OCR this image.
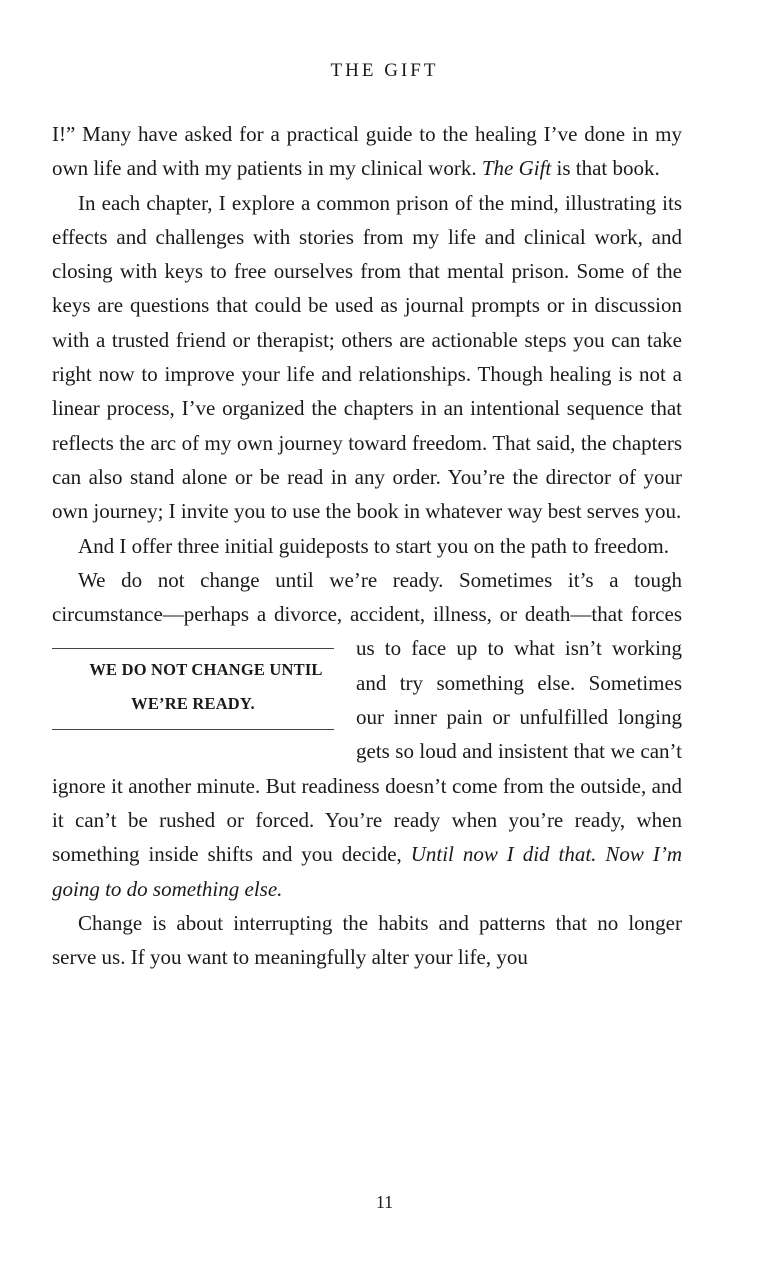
THE GIFT

I!” Many have asked for a practical guide to the healing I’ve done in my own life and with my patients in my clinical work. The Gift is that book.

In each chapter, I explore a common prison of the mind, illustrating its effects and challenges with stories from my life and clinical work, and closing with keys to free ourselves from that mental prison. Some of the keys are questions that could be used as journal prompts or in discussion with a trusted friend or therapist; others are actionable steps you can take right now to improve your life and relationships. Though healing is not a linear process, I’ve organized the chapters in an intentional sequence that reflects the arc of my own journey toward freedom. That said, the chapters can also stand alone or be read in any order. You’re the director of your own journey; I invite you to use the book in whatever way best serves you.

And I offer three initial guideposts to start you on the path to freedom.

We do not change until we’re ready. Sometimes it’s a tough circumstance—perhaps a divorce, accident, illness, or death—
WE DO NOT CHANGE UNTIL
WE’RE READY.
that forces us to face up to what isn’t working and try something else. Sometimes our inner pain or unfulfilled longing gets so loud and insistent that we can’t ignore it another minute. But readiness doesn’t come from the outside, and it can’t be rushed or forced. You’re ready when you’re ready, when something inside shifts and you decide, Until now I did that. Now I’m going to do something else.

Change is about interrupting the habits and patterns that no longer serve us. If you want to meaningfully alter your life, you

11
